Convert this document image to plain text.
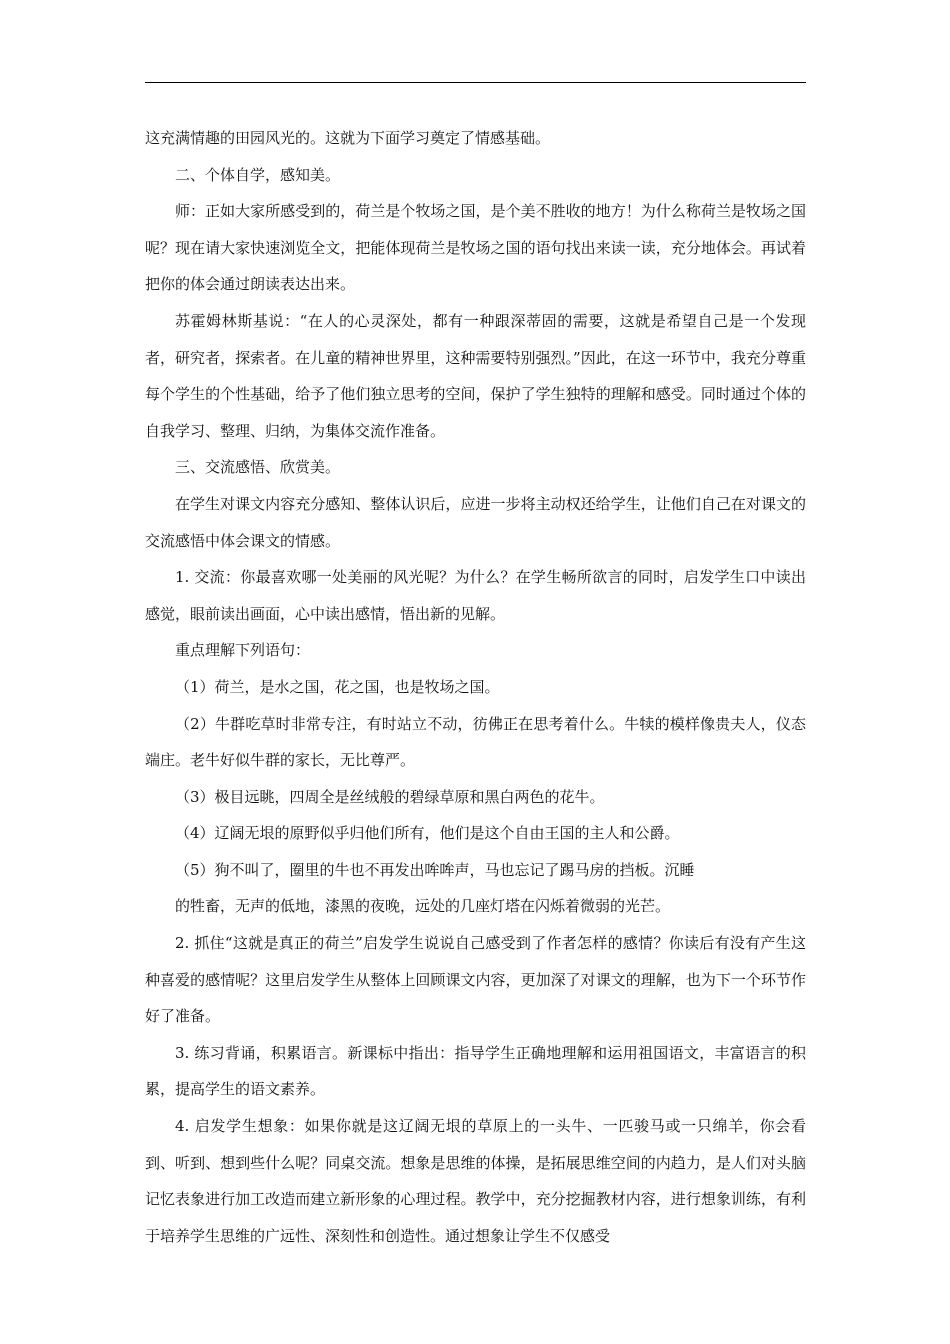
这充满情趣的田园风光的。这就为下面学习奠定了情感基础。

二、个体自学，感知美。

师：正如大家所感受到的，荷兰是个牧场之国，是个美不胜收的地方！为什么称荷兰是牧场之国呢？现在请大家快速浏览全文，把能体现荷兰是牧场之国的语句找出来读一读，充分地体会。再试着把你的体会通过朗读表达出来。

苏霍姆林斯基说：“在人的心灵深处，都有一种跟深蒂固的需要，这就是希望自己是一个发现者，研究者，探索者。在儿童的精神世界里，这种需要特别强烈。”因此，在这一环节中，我充分尊重每个学生的个性基础，给予了他们独立思考的空间，保护了学生独特的理解和感受。同时通过个体的自我学习、整理、归纳，为集体交流作准备。

三、交流感悟、欣赏美。

在学生对课文内容充分感知、整体认识后，应进一步将主动权还给学生，让他们自己在对课文的交流感悟中体会课文的情感。

1. 交流：你最喜欢哪一处美丽的风光呢？为什么？在学生畅所欲言的同时，启发学生口中读出感觉，眼前读出画面，心中读出感情，悟出新的见解。

重点理解下列语句：

（1）荷兰，是水之国，花之国，也是牧场之国。

（2）牛群吃草时非常专注，有时站立不动，彷佛正在思考着什么。牛犊的模样像贵夫人，仪态端庄。老牛好似牛群的家长，无比尊严。

（3）极目远眺，四周全是丝绒般的碧绿草原和黑白两色的花牛。

（4）辽阔无垠的原野似乎归他们所有，他们是这个自由王国的主人和公爵。

（5）狗不叫了，圈里的牛也不再发出哞哞声，马也忘记了踢马房的挡板。沉睡

的牲畜，无声的低地，漆黑的夜晚，远处的几座灯塔在闪烁着微弱的光芒。

2. 抓住“这就是真正的荷兰”启发学生说说自己感受到了作者怎样的感情？你读后有没有产生这种喜爱的感情呢？这里启发学生从整体上回顾课文内容，更加深了对课文的理解，也为下一个环节作好了准备。

3. 练习背诵，积累语言。新课标中指出：指导学生正确地理解和运用祖国语文，丰富语言的积累，提高学生的语文素养。

4. 启发学生想象：如果你就是这辽阔无垠的草原上的一头牛、一匹骏马或一只绵羊，你会看到、听到、想到些什么呢？同桌交流。想象是思维的体操，是拓展思维空间的内趋力，是人们对头脑记忆表象进行加工改造而建立新形象的心理过程。教学中，充分挖掘教材内容，进行想象训练，有利于培养学生思维的广远性、深刻性和创造性。通过想象让学生不仅感受
